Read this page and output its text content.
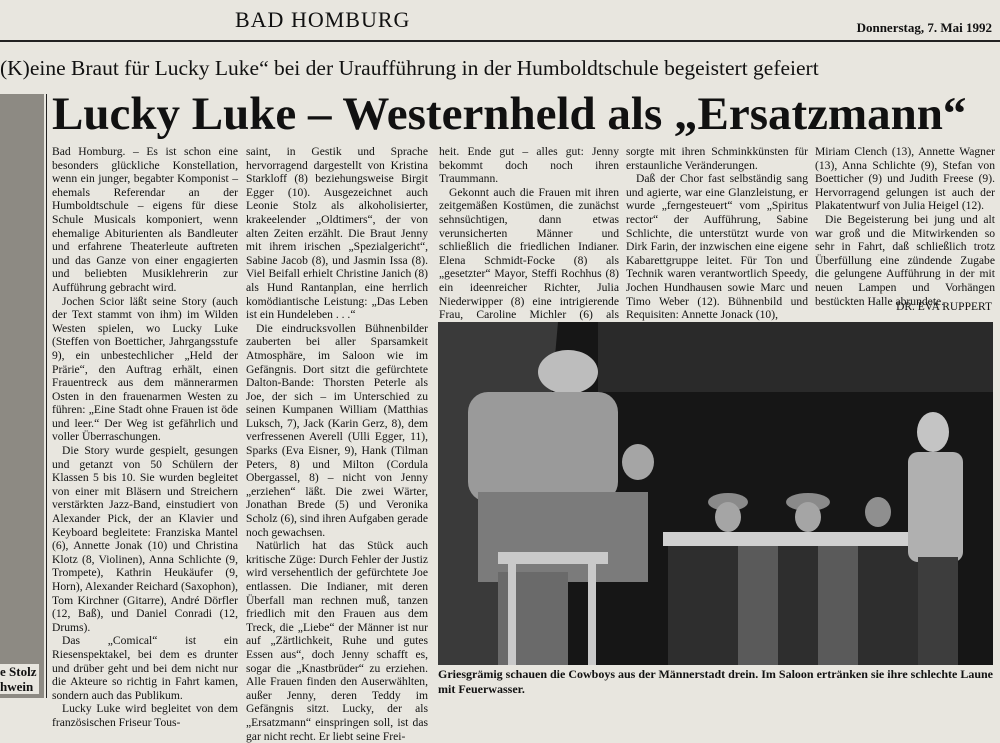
BAD HOMBURG	Donnerstag, 7. Mai 1992
(K)eine Braut für Lucky Luke“ bei der Uraufführung in der Humboldtschule begeistert gefeiert
Lucky Luke – Westernheld als „Ersatzmann“
e Stolz
hwein

Bad Homburg. – Es ist schon eine besonders glückliche Konstellation, wenn ein junger, begabter Komponist – ehemals Referendar an der Humboldtschule – eigens für diese Schule Musicals komponiert, wenn ehemalige Abiturienten als Bandleuter und erfahrene Theaterleute auftreten und das Ganze von einer engagierten und beliebten Musiklehrerin zur Aufführung gebracht wird.

Jochen Scior läßt seine Story (auch der Text stammt von ihm) im Wilden Westen spielen, wo Lucky Luke (Steffen von Boetticher, Jahrgangsstufe 9), ein unbestechlicher „Held der Prärie“, den Auftrag erhält, einen Frauentreck aus dem männerarmen Osten in den frauenarmen Westen zu führen: „Eine Stadt ohne Frauen ist öde und leer.“ Der Weg ist gefährlich und voller Überraschungen.

Die Story wurde gespielt, gesungen und getanzt von 50 Schülern der Klassen 5 bis 10. Sie wurden begleitet von einer mit Bläsern und Streichern verstärkten Jazz-Band, einstudiert von Alexander Pick, der an Klavier und Keyboard begleitete: Franziska Mantel (6), Annette Jonak (10) und Christina Klotz (8, Violinen), Anna Schlichte (9, Trompete), Kathrin Heukäufer (9, Horn), Alexander Reichard (Saxophon), Tom Kirchner (Gitarre), André Dörfler (12, Baß), und Daniel Conradi (12, Drums).

Das „Comical“ ist ein Riesenspektakel, bei dem es drunter und drüber geht und bei dem nicht nur die Akteure so richtig in Fahrt kamen, sondern auch das Publikum.

Lucky Luke wird begleitet von dem französischen Friseur Tous-

saint, in Gestik und Sprache hervorragend dargestellt von Kristina Starkloff (8) beziehungsweise Birgit Egger (10). Ausgezeichnet auch Leonie Stolz als alkoholisierter, krakeelender „Oldtimers“, der von alten Zeiten erzählt. Die Braut Jenny mit ihrem irischen „Spezialgericht“, Sabine Jacob (8), und Jasmin Issa (8). Viel Beifall erhielt Christine Janich (8) als Hund Rantanplan, eine herrlich komödiantische Leistung: „Das Leben ist ein Hundeleben . . .“

Die eindrucksvollen Bühnenbilder zauberten bei aller Sparsamkeit Atmosphäre, im Saloon wie im Gefängnis. Dort sitzt die gefürchtete Dalton-Bande: Thorsten Peterle als Joe, der sich – im Unterschied zu seinen Kumpanen William (Matthias Luksch, 7), Jack (Karin Gerz, 8), dem verfressenen Averell (Ulli Egger, 11), Sparks (Eva Eisner, 9), Hank (Tilman Peters, 8) und Milton (Cordula Obergassel, 8) – nicht von Jenny „erziehen“ läßt. Die zwei Wärter, Jonathan Brede (5) und Veronika Scholz (6), sind ihren Aufgaben gerade noch gewachsen.

Natürlich hat das Stück auch kritische Züge: Durch Fehler der Justiz wird versehentlich der gefürchtete Joe entlassen. Die Indianer, mit deren Überfall man rechnen muß, tanzen friedlich mit den Frauen aus dem Treck, die „Liebe“ der Männer ist nur auf „Zärtlichkeit, Ruhe und gutes Essen aus“, doch Jenny schafft es, sogar die „Knastbrüder“ zu erziehen. Alle Frauen finden den Auserwählten, außer Jenny, deren Teddy im Gefängnis sitzt. Lucky, der als „Ersatzmann“ einspringen soll, ist das gar nicht recht. Er liebt seine Frei-

heit. Ende gut – alles gut: Jenny bekommt doch noch ihren Traummann.

Gekonnt auch die Frauen mit ihren zeitgemäßen Kostümen, die zunächst sehnsüchtigen, dann etwas verunsicherten Männer und schließlich die friedlichen Indianer. Elena Schmidt-Focke (8) als „gesetzter“ Mayor, Steffi Rochhus (8) ein ideenreicher Richter, Julia Niederwipper (8) eine intrigierende Frau, Caroline Michler (6) als

sorgte mit ihren Schminkkünsten für erstaunliche Veränderungen.

Daß der Chor fast selbständig sang und agierte, war eine Glanzleistung, er wurde „ferngesteuert“ vom „Spiritus rector“ der Aufführung, Sabine Schlichte, die unterstützt wurde von Dirk Farin, der inzwischen eine eigene Kabarettgruppe leitet. Für Ton und Technik waren verantwortlich Speedy, Jochen Hundhausen sowie Marc und Timo Weber (12). Bühnenbild und Requisiten: Annette Jonack (10),

Miriam Clench (13), Annette Wagner (13), Anna Schlichte (9), Stefan von Boetticher (9) und Judith Freese (9). Hervorragend gelungen ist auch der Plakatentwurf von Julia Heigel (12).

Die Begeisterung bei jung und alt war groß und die Mitwirkenden so sehr in Fahrt, daß schließlich trotz Überfüllung eine zündende Zugabe die gelungene Aufführung in der mit neuen Lampen und Vorhängen bestückten Halle abrundete.

DR. EVA RUPPERT
Griesgrämig schauen die Cowboys aus der Männerstadt drein. Im Saloon ertränken sie ihre schlechte Laune mit Feuerwasser.
